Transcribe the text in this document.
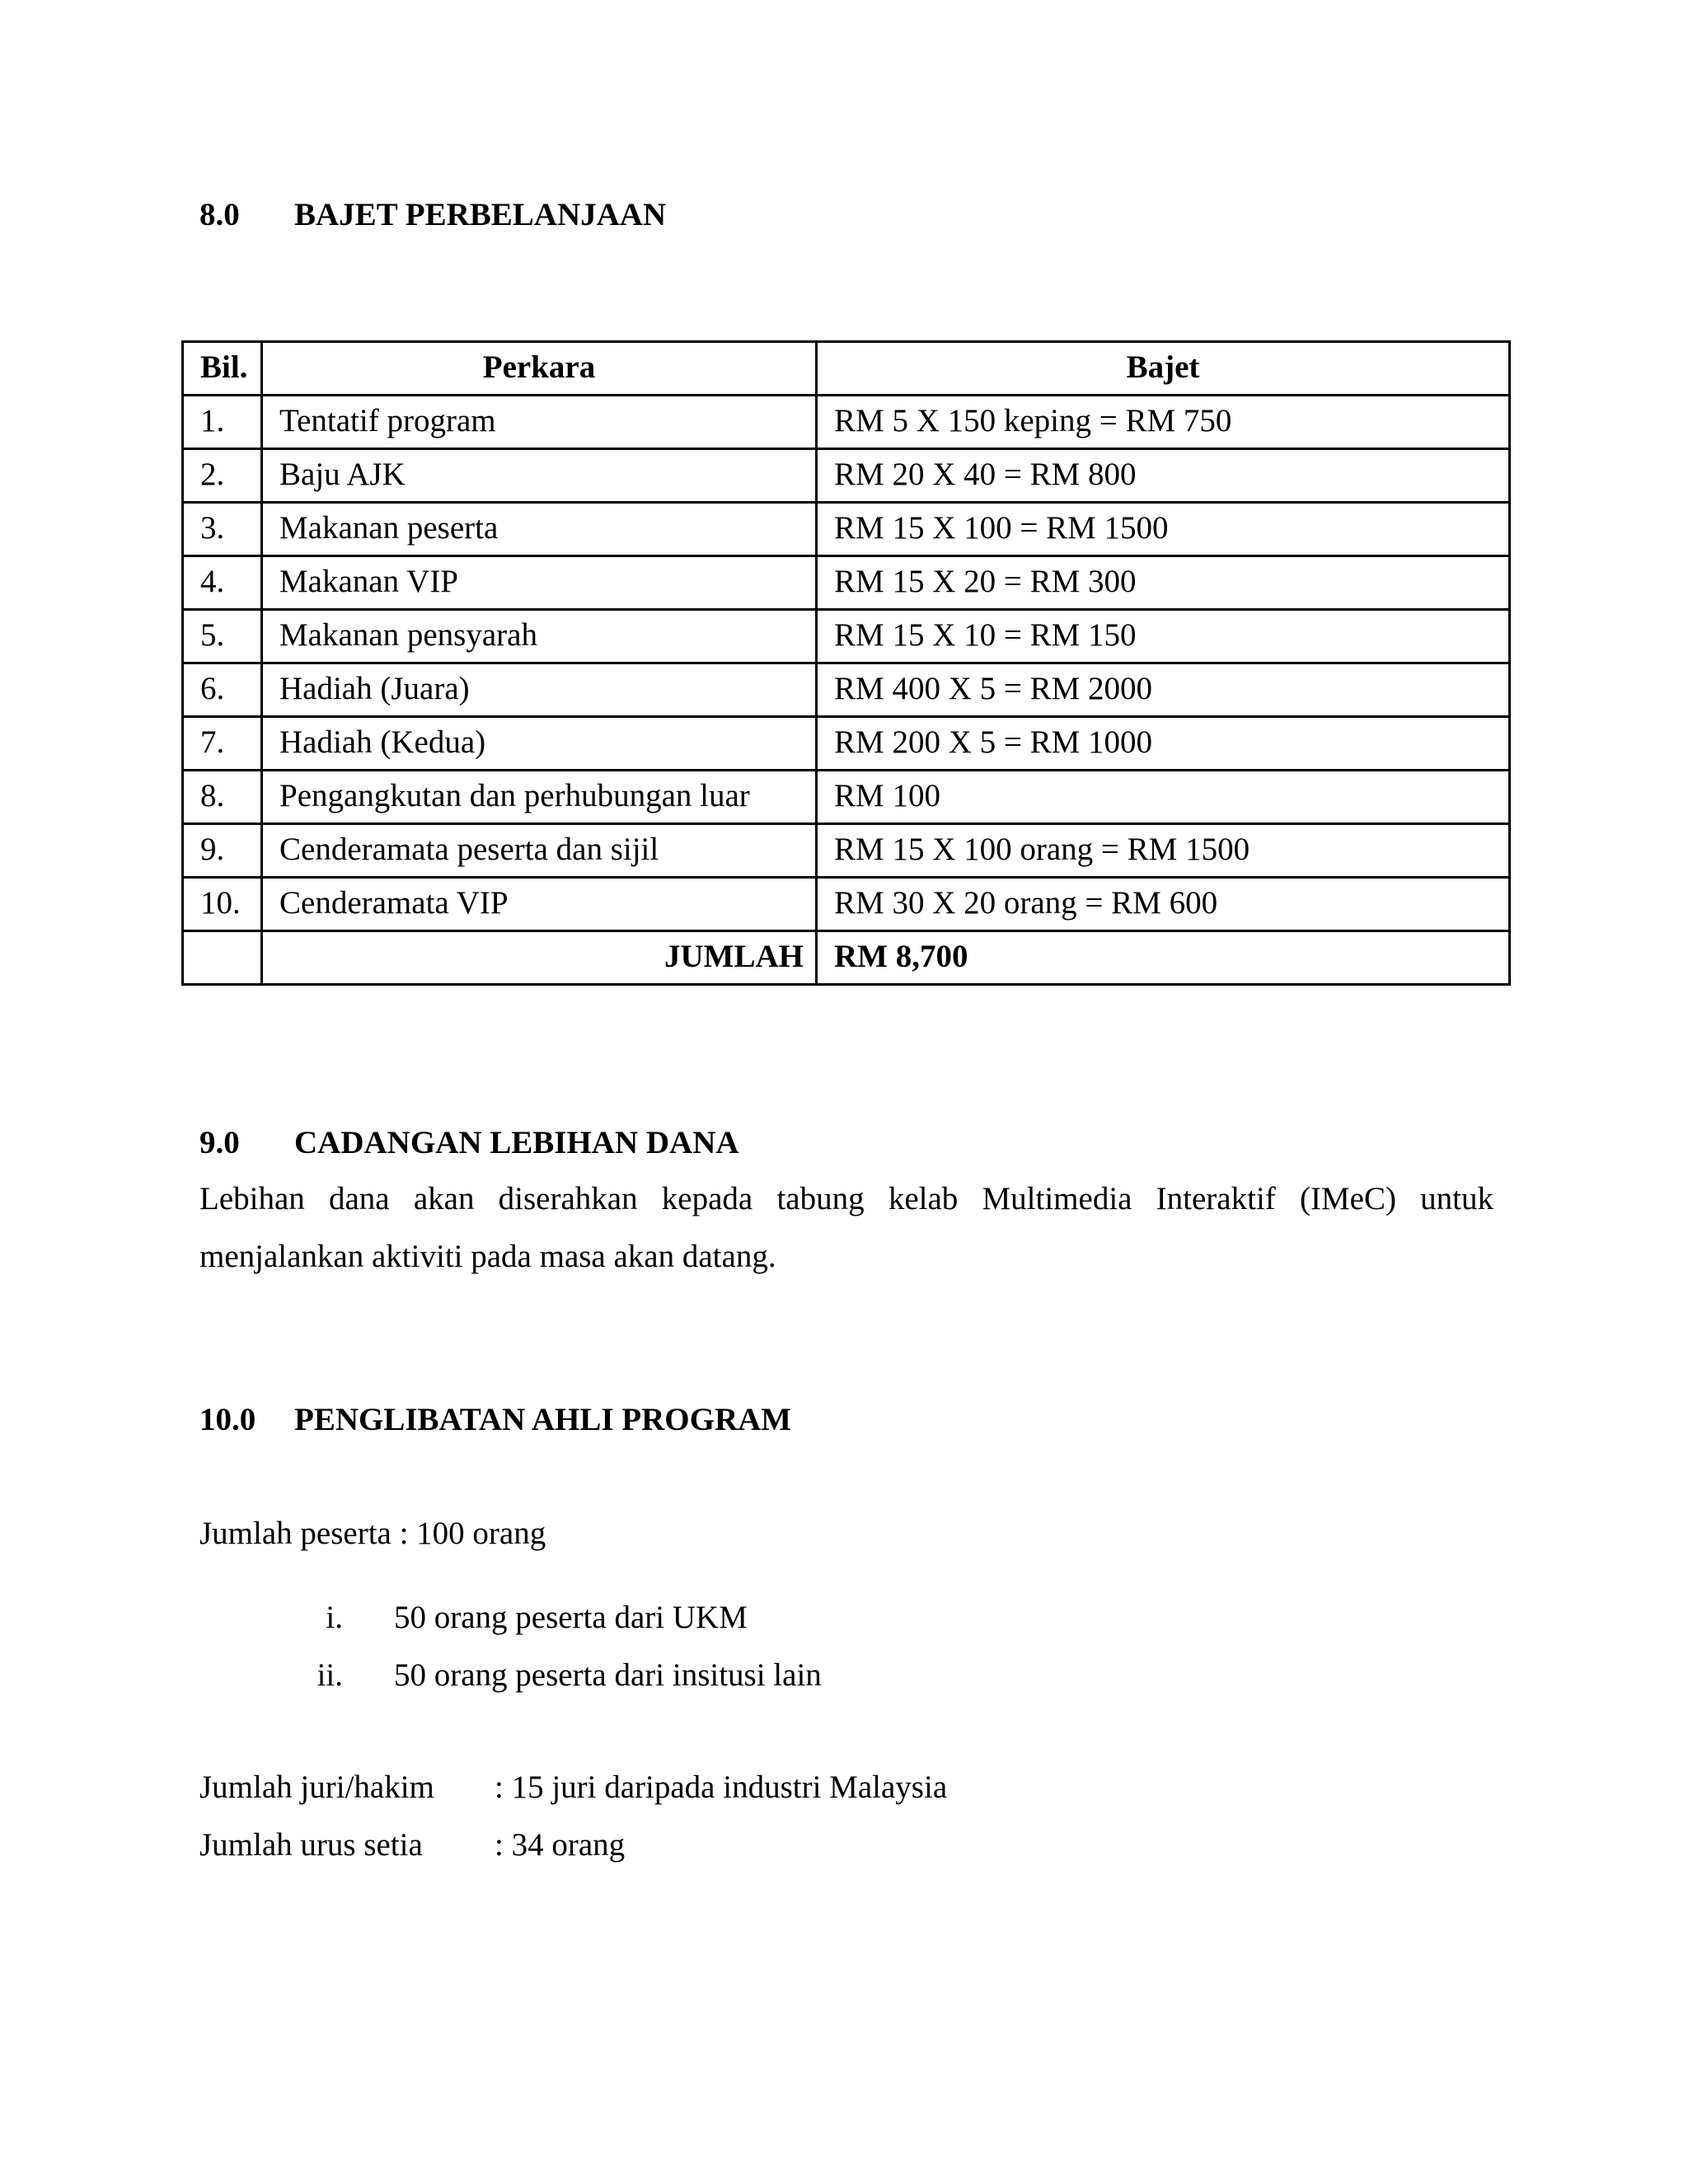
8.0 BAJET PERBELANJAAN
Bil.	Perkara	Bajet
1.	Tentatif program	RM 5 X 150 keping = RM 750
2.	Baju AJK	RM 20 X 40 = RM 800
3.	Makanan peserta	RM 15 X 100 = RM 1500
4.	Makanan VIP	RM 15 X 20 = RM 300
5.	Makanan pensyarah	RM 15 X 10 = RM 150
6.	Hadiah (Juara)	RM 400 X 5 = RM 2000
7.	Hadiah (Kedua)	RM 200 X 5 = RM 1000
8.	Pengangkutan dan perhubungan luar	RM 100
9.	Cenderamata peserta dan sijil	RM 15 X 100 orang = RM 1500
10.	Cenderamata VIP	RM 30 X 20 orang = RM 600
	JUMLAH	RM 8,700
9.0 CADANGAN LEBIHAN DANA
Lebihan dana akan diserahkan kepada tabung kelab Multimedia Interaktif (IMeC) untuk menjalankan aktiviti pada masa akan datang.
10.0 PENGLIBATAN AHLI PROGRAM
Jumlah peserta : 100 orang
i. 50 orang peserta dari UKM
ii. 50 orang peserta dari insitusi lain
Jumlah juri/hakim : 15 juri daripada industri Malaysia
Jumlah urus setia : 34 orang
